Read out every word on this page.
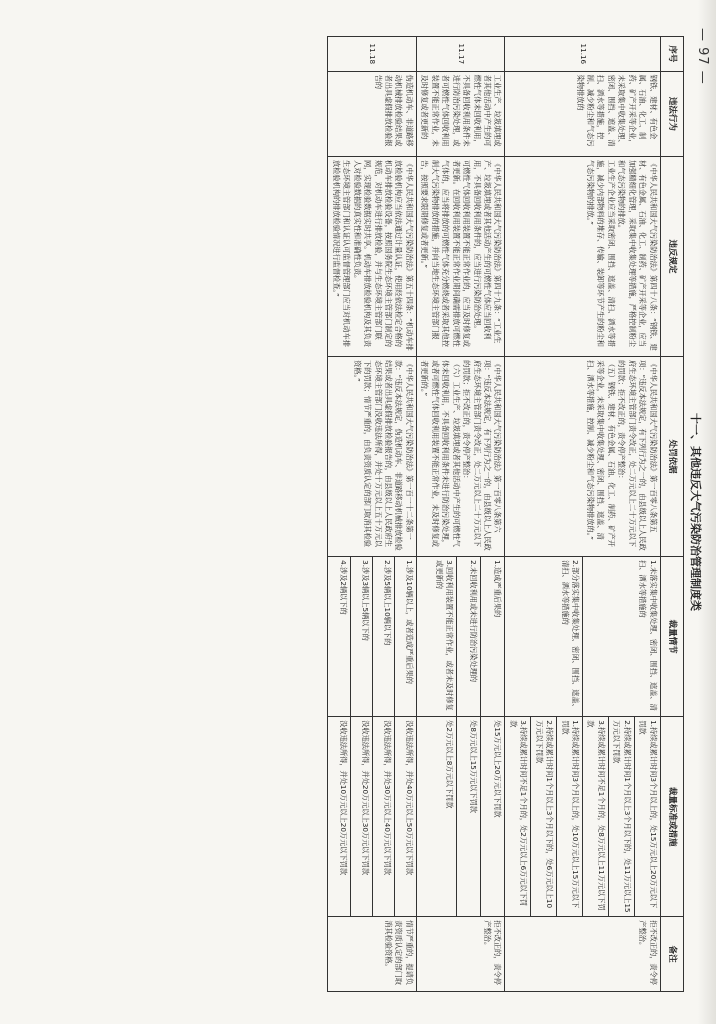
— 97 —
十一、其他违反大气污染防治管理制度类
序号	违法行为	违反规定	处罚依据	裁量情节	裁量标准或措施	备注
11.16	钢铁、建材、有色金属、石油、化工、制药、矿产开采等企业，未采取集中收集处理、密闭、围挡、遮盖、清扫、洒水等措施，控制、减少粉尘和气态污染物排放的	《中华人民共和国大气污染防治法》第四十八条：“钢铁、建材、有色金属、石油、化工、制药、矿产开采等企业，应当加强精细化管理，采取集中收集处理等措施，严格控制粉尘和气态污染物的排放。
工业生产企业应当采取密闭、围挡、遮盖、清扫、洒水等措施，减少内部物料的堆存、传输、装卸等环节产生的粉尘和气态污染物的排放。”	《中华人民共和国大气污染防治法》第一百零八条第五项：“违反本法规定，有下列行为之一的，由县级以上人民政府生态环境主管部门责令改正，处二万元以上二十万元以下的罚款；拒不改正的，责令停产整治：
（五）钢铁、建材、有色金属、石油、化工、制药、矿产开采等企业，未采取集中收集处理、密闭、围挡、遮盖、清扫、洒水等措施，控制、减少粉尘和气态污染物排放的。”	1.未落实集中收集处理、密闭、围挡、遮盖、清扫、洒水等措施的	1.持续或累计时间3个月以上的，处15万元以上20万元以下罚款	拒不改正的，责令停产整治。
					2.持续或累计时间1个月以上3个月以下的，处11万元以上15万元以下罚款	
					3.持续或累计时间不足1个月的，处8万元以上11万元以下罚款	
				2.部分落实集中收集处理、密闭、围挡、遮盖、清扫、洒水等措施的	1.持续或累计时间3个月以上的，处10万元以上15万元以下罚款	
					2.持续或累计时间1个月以上3个月以下的，处6万元以上10万元以下罚款	
					3.持续或累计时间不足1个月的，处2万元以上6万元以下罚款	
11.17	工业生产、垃圾填埋或者其他活动中产生的可燃性气体未回收利用，不具备回收利用条件未进行防治污染处理，或者可燃性气体回收利用装置不能正常作业，未及时修复或者更新的	《中华人民共和国大气污染防治法》第四十九条：“工业生产、垃圾填埋或者其他活动产生的可燃性气体应当回收利用，不具备回收利用条件的，应当进行污染防治处理。
可燃性气体回收利用装置不能正常作业的，应当及时修复或者更新。在回收利用装置不能正常作业期间确需排放可燃性气体的，应当将排放的可燃性气体充分燃烧或者采取其他控制大气污染物排放的措施，并向当地生态环境主管部门报告，按照要求限期修复或者更新。”	《中华人民共和国大气污染防治法》第一百零八条第六项：“违反本法规定，有下列行为之一的，由县级以上人民政府生态环境主管部门责令改正，处二万元以上二十万元以下的罚款；拒不改正的，责令停产整治：
（六）工业生产、垃圾填埋或者其他活动中产生的可燃性气体未回收利用，不具备回收利用条件未进行防治污染处理，或者可燃性气体回收利用装置不能正常作业，未及时修复或者更新的。”	1.造成严重后果的	处15万元以上20万元以下罚款	拒不改正的，责令停产整治。
				2.未回收利用或未进行防治污染处理的	处8万元以上15万元以下罚款	
				3.回收利用装置不能正常作业，或者未及时修复或更新的	处2万元以上8万元以下罚款	
11.18	伪造机动车、非道路移动机械排放检验结果或者出具虚假排放检验报告的	《中华人民共和国大气污染防治法》第五十四条：“机动车排放检验机构应当依法通过计量认证，使用经依法检定合格的机动车排放检验设备，按照国务院生态环境主管部门制定的规范，对机动车进行排放检验，并与生态环境主管部门联网，实现检验数据实时共享。机动车排放检验机构及其负责人对检验数据的真实性和准确性负责。
生态环境主管部门和认证认可监督管理部门应当对机动车排放检验机构的排放检验情况进行监督检查。”	《中华人民共和国大气污染防治法》第一百一十二条第一款：“违反本法规定，伪造机动车、非道路移动机械排放检验结果或者出具虚假排放检验报告的，由县级以上人民政府生态环境主管部门没收违法所得，并处十万元以上五十万元以下的罚款；情节严重的，由负责资质认定的部门取消其检验资格。”	1.涉及10辆以上，或者造成严重后果的	没收违法所得，并处40万元以上50万元以下罚款	情节严重的，提请负责资质认定的部门取消其检验资格。
				2.涉及5辆以上10辆以下的	没收违法所得，并处30万元以上40万元以下罚款	
				3.涉及3辆以上5辆以下的	没收违法所得，并处20万元以上30万元以下罚款	
				4.涉及2辆以下的	没收违法所得，并处10万元以上20万元以下罚款	
